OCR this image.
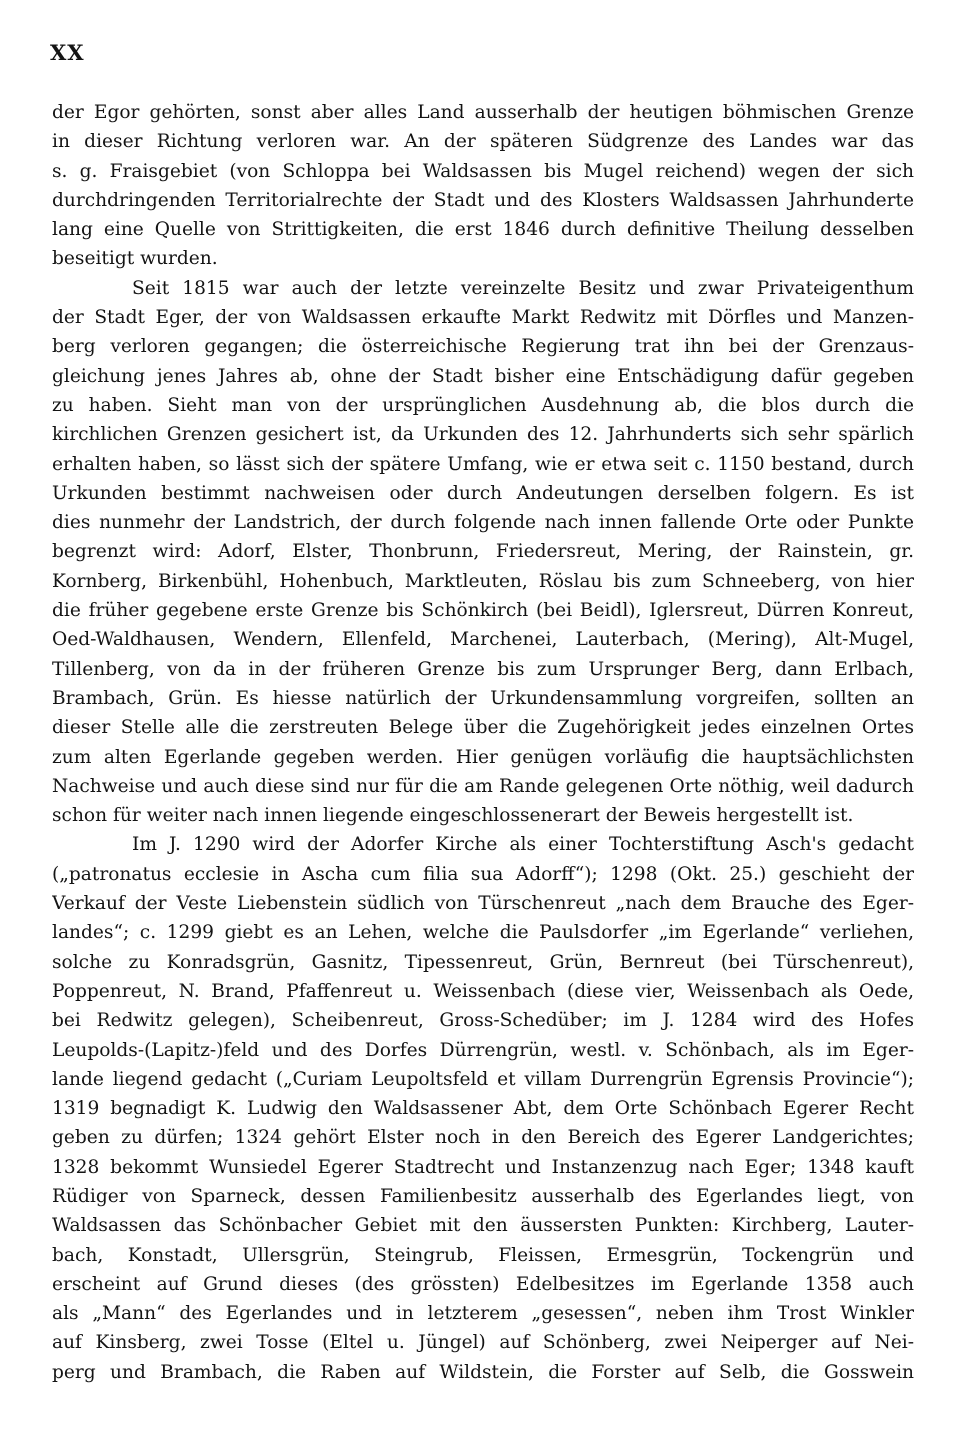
XX
der Egor gehörten, sonst aber alles Land ausserhalb der heutigen böhmischen Grenze
in dieser Richtung verloren war. An der späteren Südgrenze des Landes war das
s. g. Fraisgebiet (von Schloppa bei Waldsassen bis Mugel reichend) wegen der sich
durchdringenden Territorialrechte der Stadt und des Klosters Waldsassen Jahrhunderte
lang eine Quelle von Strittigkeiten, die erst 1846 durch definitive Theilung desselben
beseitigt wurden.
Seit 1815 war auch der letzte vereinzelte Besitz und zwar Privateigenthum
der Stadt Eger, der von Waldsassen erkaufte Markt Redwitz mit Dörfles und Manzen-
berg verloren gegangen; die österreichische Regierung trat ihn bei der Grenzaus-
gleichung jenes Jahres ab, ohne der Stadt bisher eine Entschädigung dafür gegeben
zu haben. Sieht man von der ursprünglichen Ausdehnung ab, die blos durch die
kirchlichen Grenzen gesichert ist, da Urkunden des 12. Jahrhunderts sich sehr spärlich
erhalten haben, so lässt sich der spätere Umfang, wie er etwa seit c. 1150 bestand, durch
Urkunden bestimmt nachweisen oder durch Andeutungen derselben folgern. Es ist
dies nunmehr der Landstrich, der durch folgende nach innen fallende Orte oder Punkte
begrenzt wird: Adorf, Elster, Thonbrunn, Friedersreut, Mering, der Rainstein, gr.
Kornberg, Birkenbühl, Hohenbuch, Marktleuten, Röslau bis zum Schneeberg, von hier
die früher gegebene erste Grenze bis Schönkirch (bei Beidl), Iglersreut, Dürren Konreut,
Oed-Waldhausen, Wendern, Ellenfeld, Marchenei, Lauterbach, (Mering), Alt-Mugel,
Tillenberg, von da in der früheren Grenze bis zum Ursprunger Berg, dann Erlbach,
Brambach, Grün. Es hiesse natürlich der Urkundensammlung vorgreifen, sollten an
dieser Stelle alle die zerstreuten Belege über die Zugehörigkeit jedes einzelnen Ortes
zum alten Egerlande gegeben werden. Hier genügen vorläufig die hauptsächlichsten
Nachweise und auch diese sind nur für die am Rande gelegenen Orte nöthig, weil dadurch
schon für weiter nach innen liegende eingeschlossenerart der Beweis hergestellt ist.
Im J. 1290 wird der Adorfer Kirche als einer Tochterstiftung Asch's gedacht
(„patronatus ecclesie in Ascha cum filia sua Adorff“); 1298 (Okt. 25.) geschieht der
Verkauf der Veste Liebenstein südlich von Türschenreut „nach dem Brauche des Eger-
landes“; c. 1299 giebt es an Lehen, welche die Paulsdorfer „im Egerlande“ verliehen,
solche zu Konradsgrün, Gasnitz, Tipessenreut, Grün, Bernreut (bei Türschenreut),
Poppenreut, N. Brand, Pfaffenreut u. Weissenbach (diese vier, Weissenbach als Oede,
bei Redwitz gelegen), Scheibenreut, Gross-Schedüber; im J. 1284 wird des Hofes
Leupolds-(Lapitz-)feld und des Dorfes Dürrengrün, westl. v. Schönbach, als im Eger-
lande liegend gedacht („Curiam Leupoltsfeld et villam Durrengrün Egrensis Provincie“);
1319 begnadigt K. Ludwig den Waldsassener Abt, dem Orte Schönbach Egerer Recht
geben zu dürfen; 1324 gehört Elster noch in den Bereich des Egerer Landgerichtes;
1328 bekommt Wunsiedel Egerer Stadtrecht und Instanzenzug nach Eger; 1348 kauft
Rüdiger von Sparneck, dessen Familienbesitz ausserhalb des Egerlandes liegt, von
Waldsassen das Schönbacher Gebiet mit den äussersten Punkten: Kirchberg, Lauter-
bach, Konstadt, Ullersgrün, Steingrub, Fleissen, Ermesgrün, Tockengrün und
erscheint auf Grund dieses (des grössten) Edelbesitzes im Egerlande 1358 auch
als „Mann“ des Egerlandes und in letzterem „gesessen“, neben ihm Trost Winkler
auf Kinsberg, zwei Tosse (Eltel u. Jüngel) auf Schönberg, zwei Neiperger auf Nei-
perg und Brambach, die Raben auf Wildstein, die Forster auf Selb, die Gosswein
